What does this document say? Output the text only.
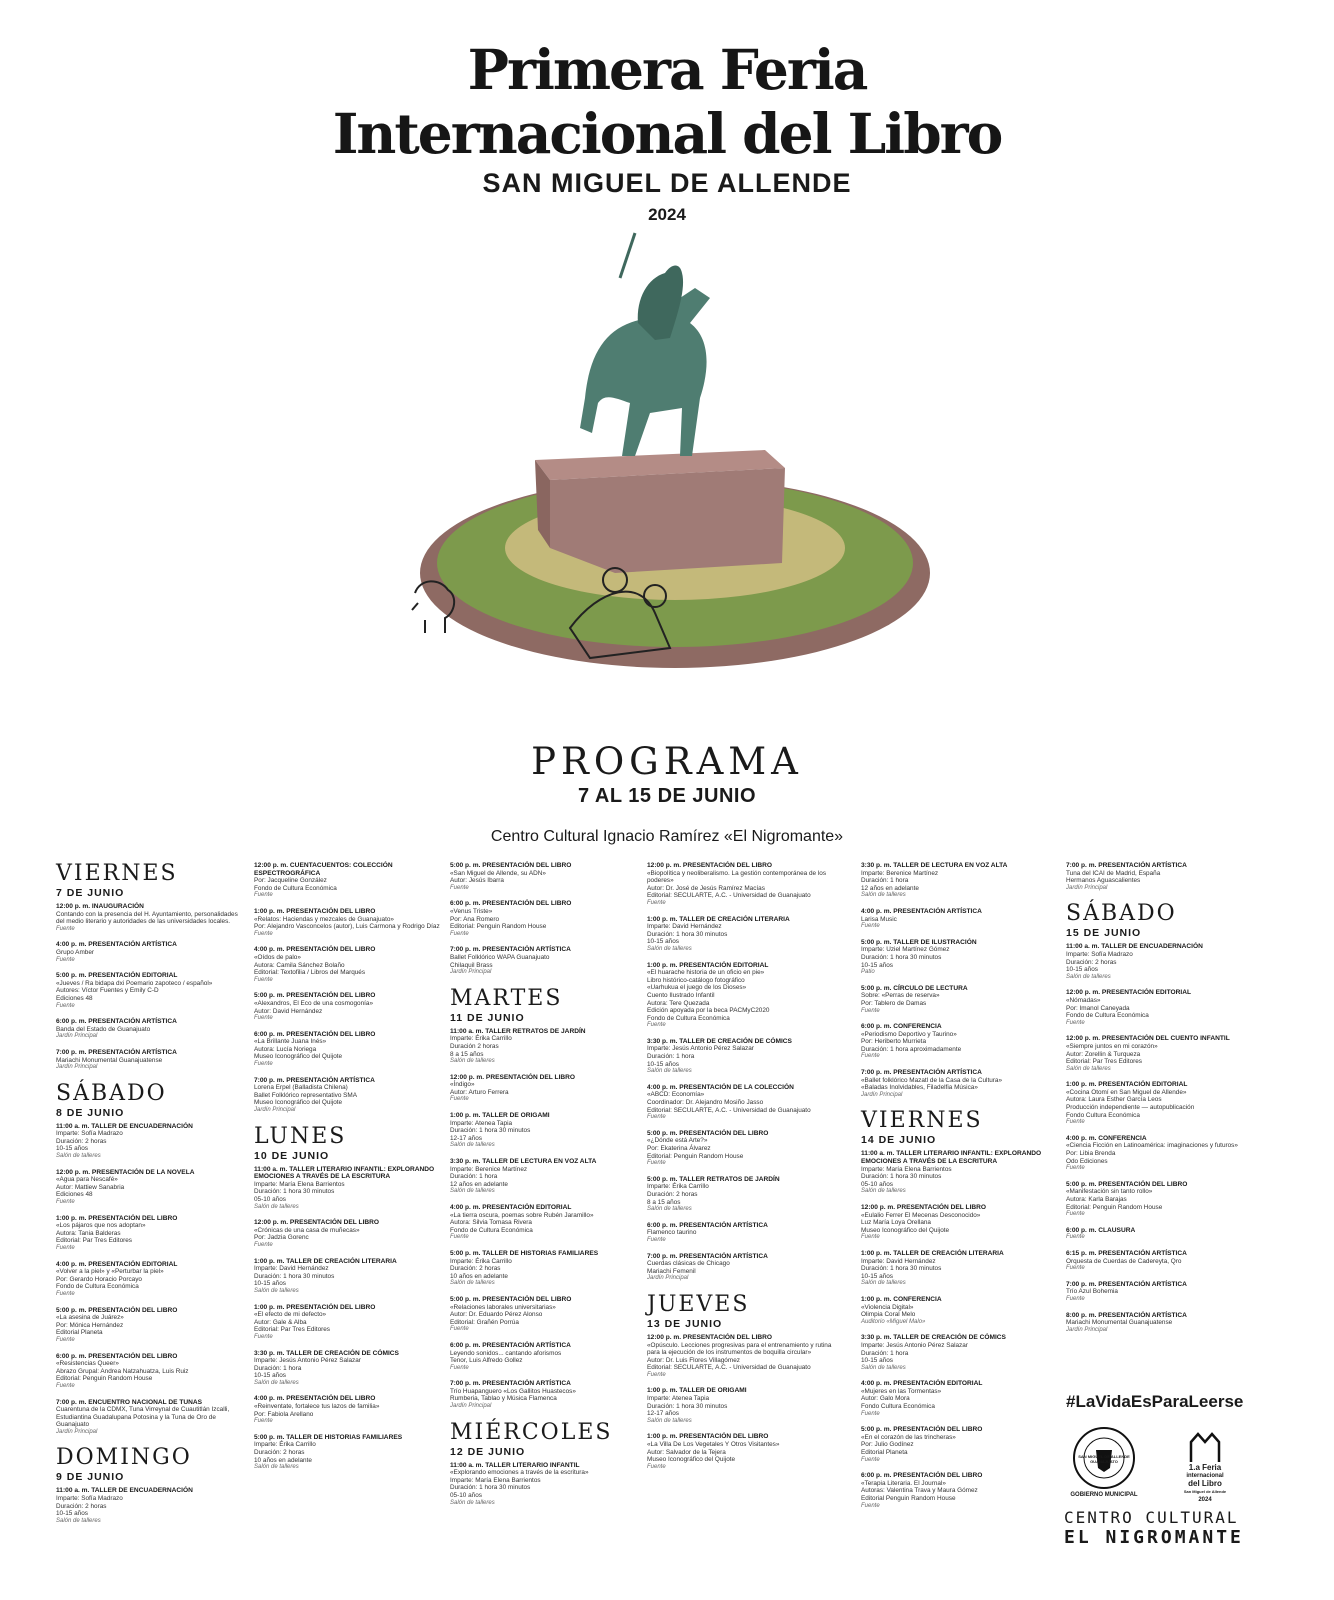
Primera Feria
Internacional del Libro
SAN MIGUEL DE ALLENDE
2024
PROGRAMA
7 AL 15 DE JUNIO
Centro Cultural Ignacio Ramírez «El Nigromante»
VIERNES
7 DE JUNIO
12:00 p. m. INAUGURACIÓN
Contando con la presencia del H. Ayuntamiento, personalidades del medio literario y autoridades de las universidades locales.
Fuente
4:00 p. m. PRESENTACIÓN ARTÍSTICA
Grupo Amber
Fuente
5:00 p. m. PRESENTACIÓN EDITORIAL
«Jueves / Ra bidapa dxi Poemario zapoteco / español»
Autores: Víctor Fuentes y Emily C-D
Ediciones 48
Fuente
6:00 p. m. PRESENTACIÓN ARTÍSTICA
Banda del Estado de Guanajuato
Jardín Principal
7:00 p. m. PRESENTACIÓN ARTÍSTICA
Mariachi Monumental Guanajuatense
Jardín Principal
SÁBADO
8 DE JUNIO
11:00 a. m. TALLER DE ENCUADERNACIÓN
Imparte: Sofía Madrazo
Duración: 2 horas
10-15 años
Salón de talleres
12:00 p. m. PRESENTACIÓN DE LA NOVELA
«Agua para Nescafé»
Autor: Mattiew Sanabria
Ediciones 48
Fuente
1:00 p. m. PRESENTACIÓN DEL LIBRO
«Los pájaros que nos adoptan»
Autora: Tania Balderas
Editorial: Par Tres Editores
Fuente
4:00 p. m. PRESENTACIÓN EDITORIAL
«Volver a la piel» y «Perturbar la piel»
Por: Gerardo Horacio Porcayo
Fondo de Cultura Económica
Fuente
5:00 p. m. PRESENTACIÓN DEL LIBRO
«La asesina de Juárez»
Por: Mónica Hernández
Editorial Planeta
Fuente
6:00 p. m. PRESENTACIÓN DEL LIBRO
«Resistencias Queer»
Abrazo Grupal: Andrea Natzahuatza, Luis Ruiz
Editorial: Penguin Random House
Fuente
7:00 p. m. ENCUENTRO NACIONAL DE TUNAS
Cuarentuna de la CDMX, Tuna Virreynal de Cuautitlán Izcalli, Estudiantina Guadalupana Potosina y la Tuna de Oro de Guanajuato
Jardín Principal
DOMINGO
9 DE JUNIO
11:00 a. m. TALLER DE ENCUADERNACIÓN
Imparte: Sofía Madrazo
Duración: 2 horas
10-15 años
Salón de talleres
12:00 p. m. CUENTACUENTOS: COLECCIÓN ESPECTROGRÁFICA
Por: Jacqueline González
Fondo de Cultura Económica
Fuente
1:00 p. m. PRESENTACIÓN DEL LIBRO
«Relatos: Haciendas y mezcales de Guanajuato»
Por: Alejandro Vasconcelos (autor), Luis Carmona y Rodrigo Díaz
Fuente
4:00 p. m. PRESENTACIÓN DEL LIBRO
«Oídos de palo»
Autora: Camila Sánchez Bolaño
Editorial: Textofilia / Libros del Marqués
Fuente
5:00 p. m. PRESENTACIÓN DEL LIBRO
«Alexandros, El Eco de una cosmogonía»
Autor: David Hernández
Fuente
6:00 p. m. PRESENTACIÓN DEL LIBRO
«La Brillante Juana Inés»
Autora: Lucía Noriega
Museo Iconográfico del Quijote
Fuente
7:00 p. m. PRESENTACIÓN ARTÍSTICA
Lorena Erpel (Balladista Chilena)
Ballet Folklórico representativo SMA
Museo Iconográfico del Quijote
Jardín Principal
LUNES
10 DE JUNIO
11:00 a. m. TALLER LITERARIO INFANTIL: EXPLORANDO EMOCIONES A TRAVÉS DE LA ESCRITURA
Imparte: María Elena Barrientos
Duración: 1 hora 30 minutos
05-10 años
Salón de talleres
12:00 p. m. PRESENTACIÓN DEL LIBRO
«Crónicas de una casa de muñecas»
Por: Jadzia Gorenc
Fuente
1:00 p. m. TALLER DE CREACIÓN LITERARIA
Imparte: David Hernández
Duración: 1 hora 30 minutos
10-15 años
Salón de talleres
1:00 p. m. PRESENTACIÓN DEL LIBRO
«El efecto de mi defecto»
Autor: Gale & Alba
Editorial: Par Tres Editores
Fuente
3:30 p. m. TALLER DE CREACIÓN DE CÓMICS
Imparte: Jesús Antonio Pérez Salazar
Duración: 1 hora
10-15 años
Salón de talleres
4:00 p. m. PRESENTACIÓN DEL LIBRO
«Reinventate, fortalece tus lazos de familia»
Por: Fabiola Arellano
Fuente
5:00 p. m. TALLER DE HISTORIAS FAMILIARES
Imparte: Érika Carrillo
Duración: 2 horas
10 años en adelante
Salón de talleres
5:00 p. m. PRESENTACIÓN DEL LIBRO
«San Miguel de Allende, su ADN»
Autor: Jesús Ibarra
Fuente
6:00 p. m. PRESENTACIÓN DEL LIBRO
«Venus Triste»
Por: Ana Romero
Editorial: Penguin Random House
Fuente
7:00 p. m. PRESENTACIÓN ARTÍSTICA
Ballet Folklórico WAPA Guanajuato
Chilaquil Brass
Jardín Principal
MARTES
11 DE JUNIO
11:00 a. m. TALLER RETRATOS DE JARDÍN
Imparte: Érika Carrillo
Duración 2 horas
8 a 15 años
Salón de talleres
12:00 p. m. PRESENTACIÓN DEL LIBRO
«Índigo»
Autor: Arturo Ferrera
Fuente
1:00 p. m. TALLER DE ORIGAMI
Imparte: Atenea Tapia
Duración: 1 hora 30 minutos
12-17 años
Salón de talleres
3:30 p. m. TALLER DE LECTURA EN VOZ ALTA
Imparte: Berenice Martínez
Duración: 1 hora
12 años en adelante
Salón de talleres
4:00 p. m. PRESENTACIÓN EDITORIAL
«La tierra oscura, poemas sobre Rubén Jaramillo»
Autora: Silvia Tomasa Rivera
Fondo de Cultura Económica
Fuente
5:00 p. m. TALLER DE HISTORIAS FAMILIARES
Imparte: Érika Carrillo
Duración: 2 horas
10 años en adelante
Salón de talleres
5:00 p. m. PRESENTACIÓN DEL LIBRO
«Relaciones laborales universitarias»
Autor: Dr. Eduardo Pérez Alonso
Editorial: Grañén Porrúa
Fuente
6:00 p. m. PRESENTACIÓN ARTÍSTICA
Leyendo sonidos... cantando aforismos
Tenor, Luis Alfredo Gollez
Fuente
7:00 p. m. PRESENTACIÓN ARTÍSTICA
Trío Huapanguero «Los Gallitos Huastecos»
Rumberia, Tablao y Música Flamenca
Jardín Principal
MIÉRCOLES
12 DE JUNIO
11:00 a. m. TALLER LITERARIO INFANTIL
«Explorando emociones a través de la escritura»
Imparte: María Elena Barrientos
Duración: 1 hora 30 minutos
05-10 años
Salón de talleres
12:00 p. m. PRESENTACIÓN DEL LIBRO
«Biopolítica y neoliberalismo. La gestión contemporánea de los poderes»
Autor: Dr. José de Jesús Ramírez Macías
Editorial: SECULARTE, A.C. - Universidad de Guanajuato
Fuente
1:00 p. m. TALLER DE CREACIÓN LITERARIA
Imparte: David Hernández
Duración: 1 hora 30 minutos
10-15 años
Salón de talleres
1:00 p. m. PRESENTACIÓN EDITORIAL
«El huarache historia de un oficio en pie»
Libro histórico-catálogo fotográfico
«Uarhukua el juego de los Dioses»
Cuento Ilustrado Infantil
Autora: Tere Quezada
Edición apoyada por la beca PACMyC2020
Fondo de Cultura Económica
Fuente
3:30 p. m. TALLER DE CREACIÓN DE CÓMICS
Imparte: Jesús Antonio Pérez Salazar
Duración: 1 hora
10-15 años
Salón de talleres
4:00 p. m. PRESENTACIÓN DE LA COLECCIÓN
«ABCD: Economía»
Coordinador: Dr. Alejandro Mosiño Jasso
Editorial: SECULARTE, A.C. - Universidad de Guanajuato
Fuente
5:00 p. m. PRESENTACIÓN DEL LIBRO
«¿Dónde está Arte?»
Por: Ekaterina Álvarez
Editorial: Penguin Random House
Fuente
5:00 p. m. TALLER RETRATOS DE JARDÍN
Imparte: Érika Carrillo
Duración: 2 horas
8 a 15 años
Salón de talleres
6:00 p. m. PRESENTACIÓN ARTÍSTICA
Flamenco taurino
Fuente
7:00 p. m. PRESENTACIÓN ARTÍSTICA
Cuerdas clásicas de Chicago
Mariachi Femenil
Jardín Principal
JUEVES
13 DE JUNIO
12:00 p. m. PRESENTACIÓN DEL LIBRO
«Opúsculo. Lecciones progresivas para el entrenamiento y rutina para la ejecución de los instrumentos de boquilla circular»
Autor: Dr. Luis Flores Villagómez
Editorial: SECULARTE, A.C. - Universidad de Guanajuato
Fuente
1:00 p. m. TALLER DE ORIGAMI
Imparte: Atenea Tapia
Duración: 1 hora 30 minutos
12-17 años
Salón de talleres
1:00 p. m. PRESENTACIÓN DEL LIBRO
«La Villa De Los Vegetales Y Otros Visitantes»
Autor: Salvador de la Tejera
Museo Iconográfico del Quijote
Fuente
3:30 p. m. TALLER DE LECTURA EN VOZ ALTA
Imparte: Berenice Martínez
Duración: 1 hora
12 años en adelante
Salón de talleres
4:00 p. m. PRESENTACIÓN ARTÍSTICA
Larisa Music
Fuente
5:00 p. m. TALLER DE ILUSTRACIÓN
Imparte: Uziel Martínez Gómez
Duración: 1 hora 30 minutos
10-15 años
Patio
5:00 p. m. CÍRCULO DE LECTURA
Sobre: «Perras de reserva»
Por: Tablero de Damas
Fuente
6:00 p. m. CONFERENCIA
«Periodismo Deportivo y Taurino»
Por: Heriberto Murrieta
Duración: 1 hora aproximadamente
Fuente
7:00 p. m. PRESENTACIÓN ARTÍSTICA
«Ballet folklórico Mazatl de la Casa de la Cultura»
«Baladas Inolvidables, Filadelfia Música»
Jardín Principal
VIERNES
14 DE JUNIO
11:00 a. m. TALLER LITERARIO INFANTIL: EXPLORANDO EMOCIONES A TRAVÉS DE LA ESCRITURA
Imparte: María Elena Barrientos
Duración: 1 hora 30 minutos
05-10 años
Salón de talleres
12:00 p. m. PRESENTACIÓN DEL LIBRO
«Eulalio Ferrer El Mecenas Desconocido»
Luz María Loya Orellana
Museo Iconográfico del Quijote
Fuente
1:00 p. m. TALLER DE CREACIÓN LITERARIA
Imparte: David Hernández
Duración: 1 hora 30 minutos
10-15 años
Salón de talleres
1:00 p. m. CONFERENCIA
«Violencia Digital»
Olimpia Coral Melo
Auditorio «Miguel Malo»
3:30 p. m. TALLER DE CREACIÓN DE CÓMICS
Imparte: Jesús Antonio Pérez Salazar
Duración: 1 hora
10-15 años
Salón de talleres
4:00 p. m. PRESENTACIÓN EDITORIAL
«Mujeres en las Tormentas»
Autor: Galo Mora
Fondo Cultura Económica
Fuente
5:00 p. m. PRESENTACIÓN DEL LIBRO
«En el corazón de las trincheras»
Por: Julio Godínez
Editorial Planeta
Fuente
6:00 p. m. PRESENTACIÓN DEL LIBRO
«Terapia Literaria. El Journal»
Autoras: Valentina Trava y Maura Gómez
Editorial Penguin Random House
Fuente
7:00 p. m. PRESENTACIÓN ARTÍSTICA
Tuna del ICAI de Madrid, España
Hermanos Aguascalientes
Jardín Principal
SÁBADO
15 DE JUNIO
11:00 a. m. TALLER DE ENCUADERNACIÓN
Imparte: Sofía Madrazo
Duración: 2 horas
10-15 años
Salón de talleres
12:00 p. m. PRESENTACIÓN EDITORIAL
«Nómadas»
Por: Imanol Caneyada
Fondo de Cultura Económica
Fuente
12:00 p. m. PRESENTACIÓN DEL CUENTO INFANTIL
«Siempre juntos en mi corazón»
Autor: Zorellin & Turqueza
Editorial: Par Tres Editores
Salón de talleres
1:00 p. m. PRESENTACIÓN EDITORIAL
«Cocina Otomí en San Miguel de Allende»
Autora: Laura Esther García Leos
Producción independiente — autopublicación
Fondo Cultura Económica
Fuente
4:00 p. m. CONFERENCIA
«Ciencia Ficción en Latinoamérica: imaginaciones y futuros»
Por: Libia Brenda
Odo Ediciones
Fuente
5:00 p. m. PRESENTACIÓN DEL LIBRO
«Manifestación sin tanto rollo»
Autora: Karla Barajas
Editorial: Penguin Random House
Fuente
6:00 p. m. CLAUSURA
Fuente
6:15 p. m. PRESENTACIÓN ARTÍSTICA
Orquesta de Cuerdas de Cadereyta, Qro
Fuente
7:00 p. m. PRESENTACIÓN ARTÍSTICA
Trío Azul Bohemia
Fuente
8:00 p. m. PRESENTACIÓN ARTÍSTICA
Mariachi Monumental Guanajuatense
Jardín Principal
#LaVidaEsParaLeerse
SAN MIGUEL DE ALLENDE GUANAJUATO
GOBIERNO MUNICIPAL
1.a Feria
internacional
del Libro
San Miguel de Allende
2024
CENTRO CULTURAL
EL NIGROMANTE
